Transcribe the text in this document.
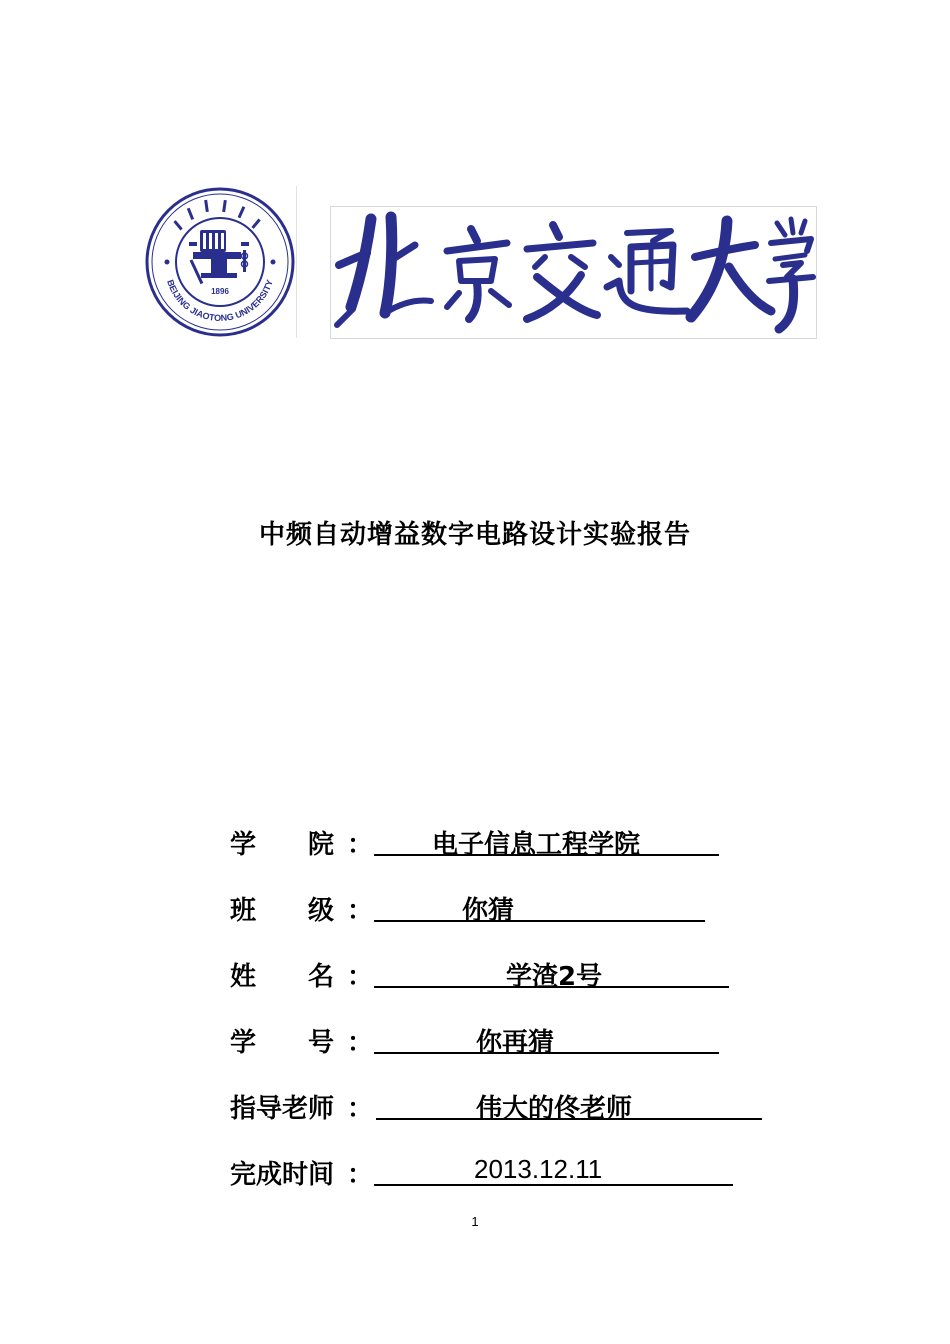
BEIJING JIAOTONG UNIVERSITY
1896
北京交通大学
中频自动增益数字电路设计实验报告
学　　院 ： 电子信息工程学院
班　　级 ：	你猜
姓　　名 ：	学渣2号
学　　号 ：	你再猜
指导老师 ：	伟大的佟老师
完成时间 ：	2013.12.11
1
